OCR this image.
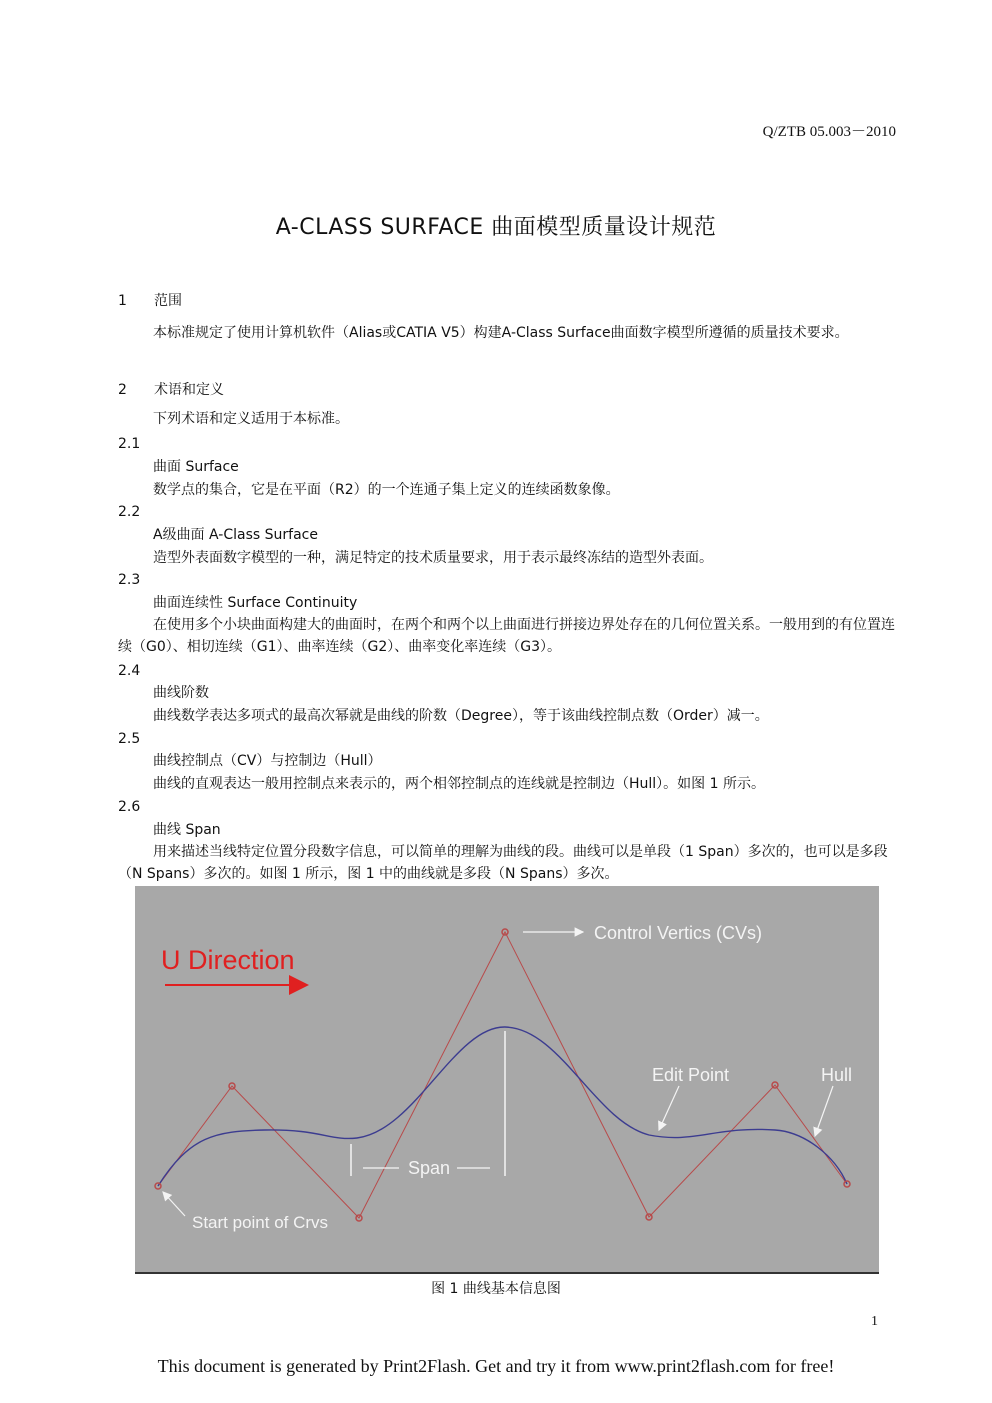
Q/ZTB 05.003－2010
A-CLASS SURFACE 曲面模型质量设计规范
1 范围
本标准规定了使用计算机软件（Alias或CATIA V5）构建A-Class Surface曲面数字模型所遵循的质量技术要求。
2 术语和定义
下列术语和定义适用于本标准。
2.1
曲面 Surface
数学点的集合，它是在平面（R2）的一个连通子集上定义的连续函数象像。
2.2
A级曲面 A-Class Surface
造型外表面数字模型的一种，满足特定的技术质量要求，用于表示最终冻结的造型外表面。
2.3
曲面连续性 Surface Continuity
在使用多个小块曲面构建大的曲面时，在两个和两个以上曲面进行拼接边界处存在的几何位置关系。一般用到的有位置连续（G0）、相切连续（G1）、曲率连续（G2）、曲率变化率连续（G3）。
2.4
曲线阶数
曲线数学表达多项式的最高次幂就是曲线的阶数（Degree），等于该曲线控制点数（Order）减一。
2.5
曲线控制点（CV）与控制边（Hull）
曲线的直观表达一般用控制点来表示的，两个相邻控制点的连线就是控制边（Hull）。如图 1 所示。
2.6
曲线 Span
用来描述当线特定位置分段数字信息，可以简单的理解为曲线的段。曲线可以是单段（1 Span）多次的，也可以是多段（N Spans）多次的。如图 1 所示，图 1 中的曲线就是多段（N Spans）多次。
U Direction
Control Vertics (CVs)
Edit Point	Hull
Span
Start point of Crvs
图 1 曲线基本信息图
1
This document is generated by Print2Flash. Get and try it from www.print2flash.com for free!
